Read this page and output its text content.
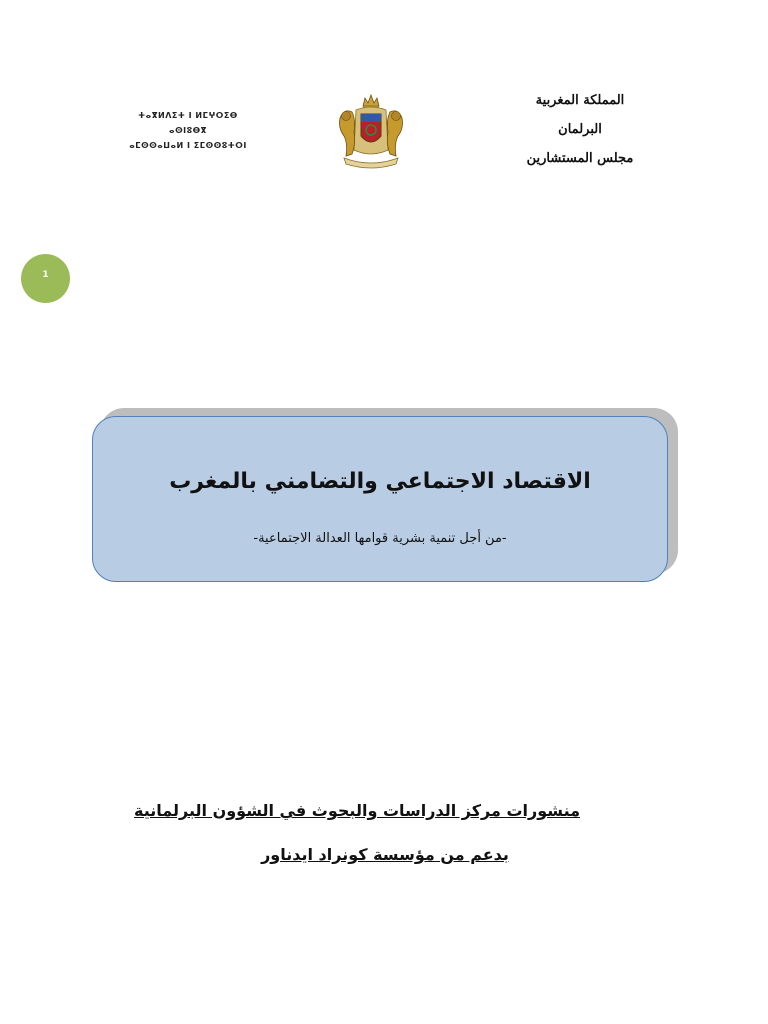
ⵜⴰⴳⵍⴷⵉⵜ ⵏ ⵍⵎⵖⵔⵉⴱ
ⴰⵙⵏⵓⴱⴳ
ⴰⵎⵙⵙⴰⵡⴰⵍ ⵏ ⵉⵎⵙⵙⵓⵜⵔⵏ
المملكة المغربية
البرلمان
مجلس المستشارين
1
الاقتصاد الاجتماعي والتضامني بالمغرب
-من أجل تنمية بشرية قوامها العدالة الاجتماعية-
منشورات مركز الدراسات والبحوث في الشؤون البرلمانية
بدعم من مؤسسة كونراد ايدناور
